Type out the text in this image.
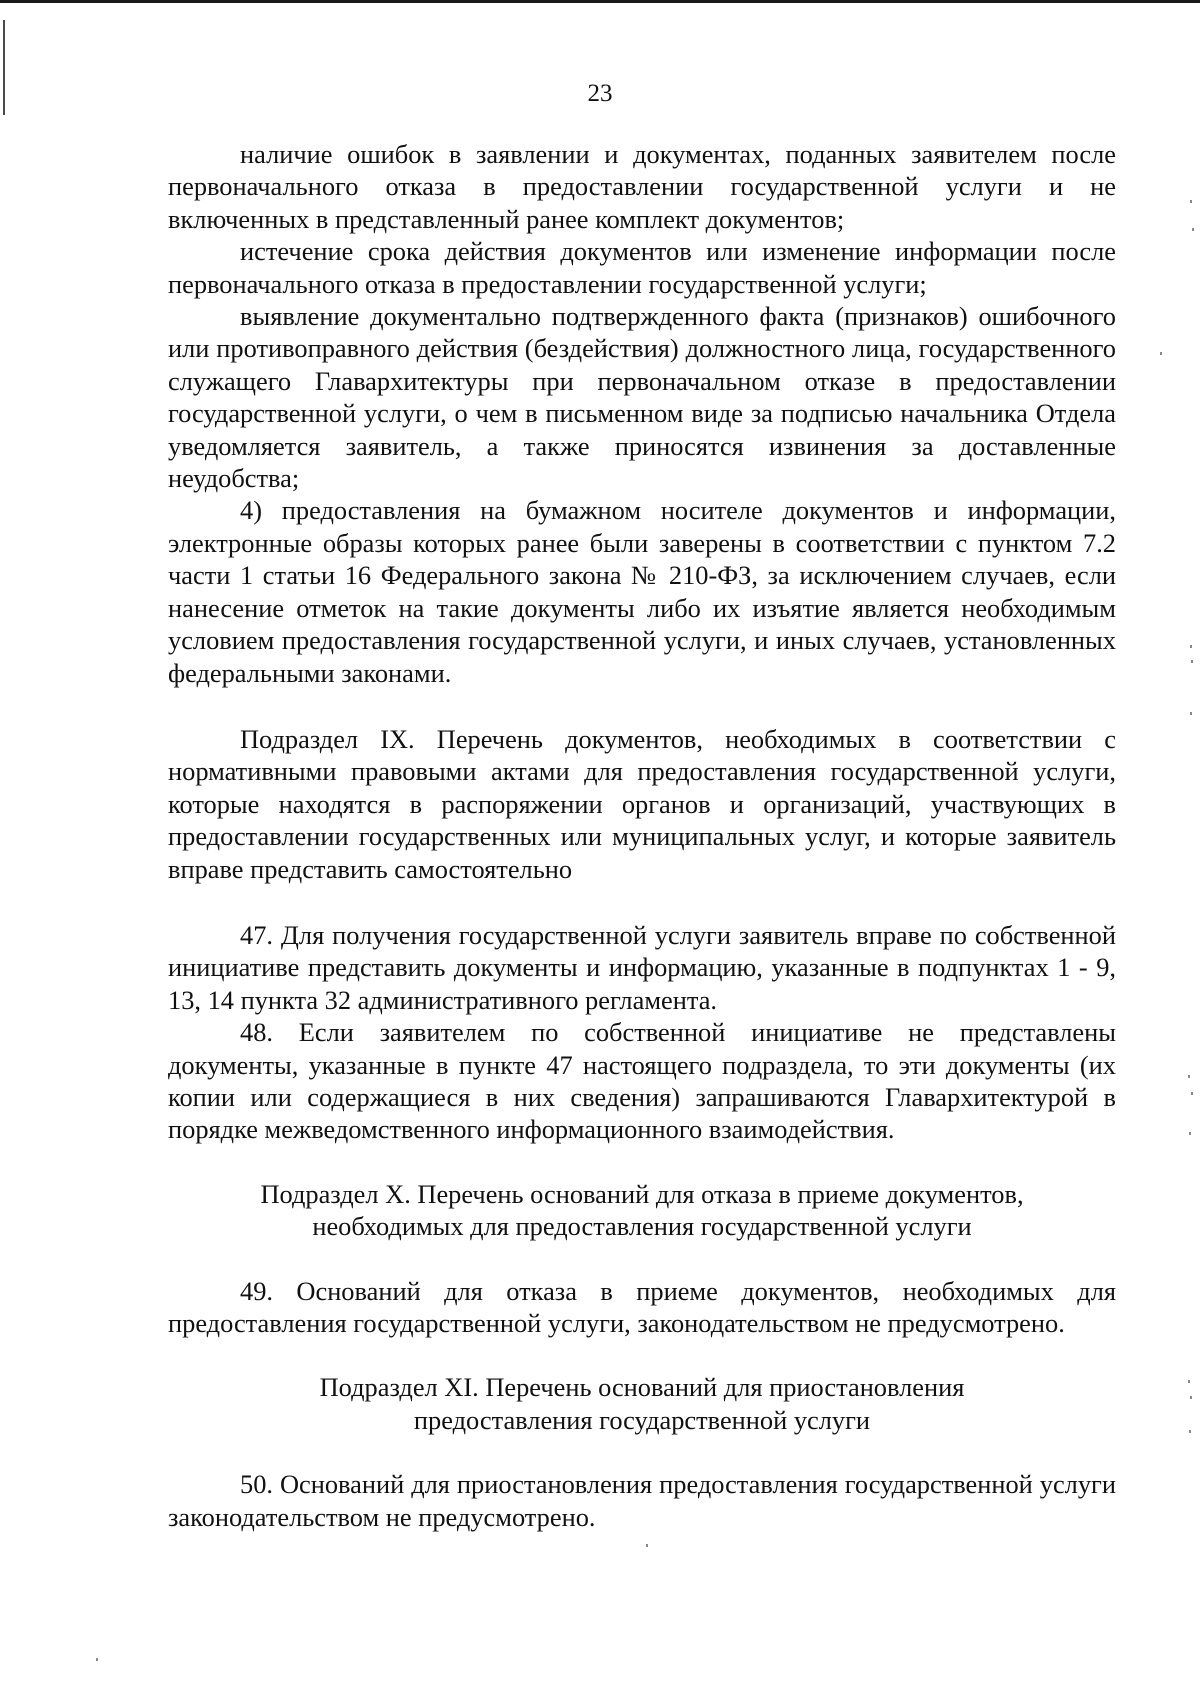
23

наличие ошибок в заявлении и документах, поданных заявителем после первоначального отказа в предоставлении государственной услуги и не включенных в представленный ранее комплект документов;

истечение срока действия документов или изменение информации после первоначального отказа в предоставлении государственной услуги;

выявление документально подтвержденного факта (признаков) ошибочного или противоправного действия (бездействия) должностного лица, государственного служащего Главархитектуры при первоначальном отказе в предоставлении государственной услуги, о чем в письменном виде за подписью начальника Отдела уведомляется заявитель, а также приносятся извинения за доставленные неудобства;

4) предоставления на бумажном носителе документов и информации, электронные образы которых ранее были заверены в соответствии с пунктом 7.2 части 1 статьи 16 Федерального закона № 210-ФЗ, за исключением случаев, если нанесение отметок на такие документы либо их изъятие является необходимым условием предоставления государственной услуги, и иных случаев, установленных федеральными законами.

Подраздел IX. Перечень документов, необходимых в соответствии с нормативными правовыми актами для предоставления государственной услуги, которые находятся в распоряжении органов и организаций, участвующих в предоставлении государственных или муниципальных услуг, и которые заявитель вправе представить самостоятельно

47. Для получения государственной услуги заявитель вправе по собственной инициативе представить документы и информацию, указанные в подпунктах 1 - 9, 13, 14 пункта 32 административного регламента.

48. Если заявителем по собственной инициативе не представлены документы, указанные в пункте 47 настоящего подраздела, то эти документы (их копии или содержащиеся в них сведения) запрашиваются Главархитектурой в порядке межведомственного информационного взаимодействия.

Подраздел X. Перечень оснований для отказа в приеме документов,
необходимых для предоставления государственной услуги

49. Оснований для отказа в приеме документов, необходимых для предоставления государственной услуги, законодательством не предусмотрено.

Подраздел XI. Перечень оснований для приостановления
предоставления государственной услуги

50. Оснований для приостановления предоставления государственной услуги законодательством не предусмотрено.
